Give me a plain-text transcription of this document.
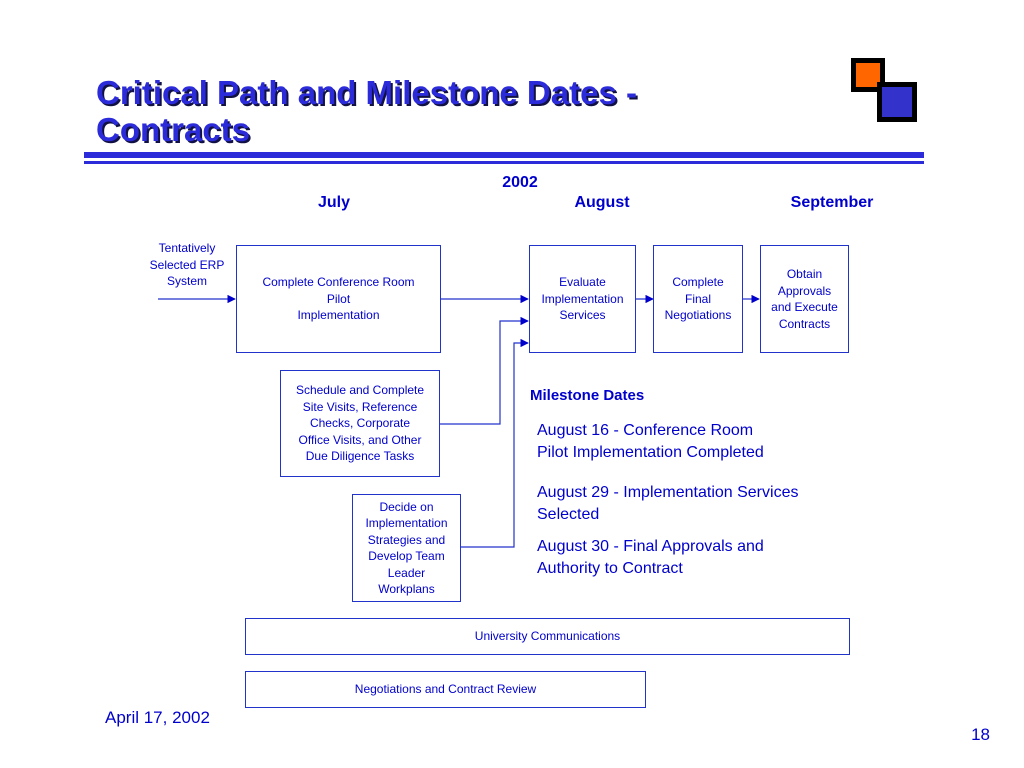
Critical Path and Milestone Dates -
Contracts
2002
July	August	September
Tentatively
Selected ERP
System	Complete Conference Room
Pilot
Implementation
Evaluate
Implementation
Services
Complete
Final
Negotiations
Obtain
Approvals
and Execute
Contracts
Schedule and Complete
Site Visits, Reference
Checks, Corporate
Office Visits, and Other
Due Diligence Tasks
Decide on
Implementation
Strategies and
Develop Team
Leader
Workplans
University Communications
Negotiations and Contract Review
Milestone Dates
August 16 - Conference Room
Pilot Implementation Completed
August 29 - Implementation Services
Selected
August 30 - Final Approvals and
Authority to Contract
April 17, 2002
18
